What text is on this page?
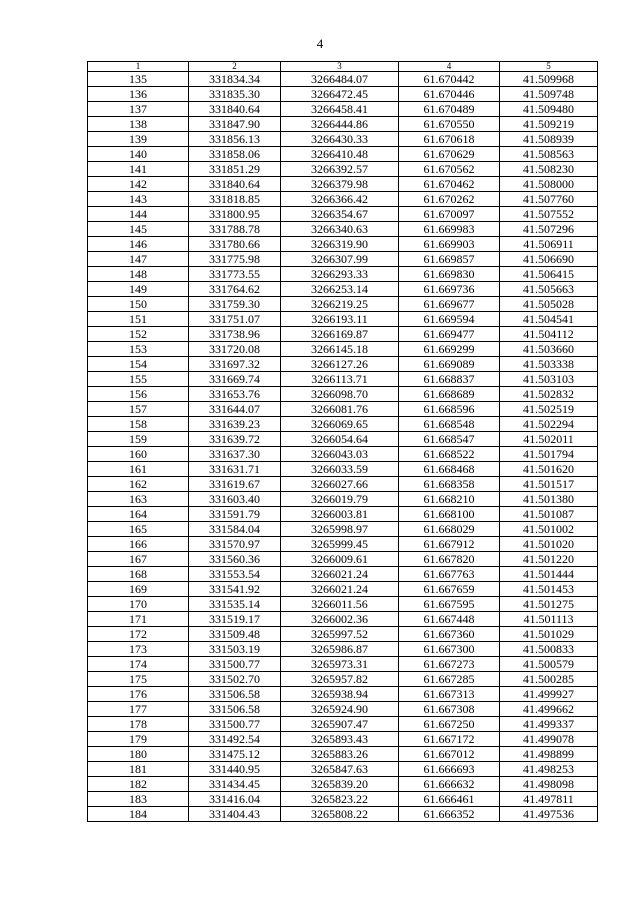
4
1	2	3	4	5
135	331834.34	3266484.07	61.670442	41.509968
136	331835.30	3266472.45	61.670446	41.509748
137	331840.64	3266458.41	61.670489	41.509480
138	331847.90	3266444.86	61.670550	41.509219
139	331856.13	3266430.33	61.670618	41.508939
140	331858.06	3266410.48	61.670629	41.508563
141	331851.29	3266392.57	61.670562	41.508230
142	331840.64	3266379.98	61.670462	41.508000
143	331818.85	3266366.42	61.670262	41.507760
144	331800.95	3266354.67	61.670097	41.507552
145	331788.78	3266340.63	61.669983	41.507296
146	331780.66	3266319.90	61.669903	41.506911
147	331775.98	3266307.99	61.669857	41.506690
148	331773.55	3266293.33	61.669830	41.506415
149	331764.62	3266253.14	61.669736	41.505663
150	331759.30	3266219.25	61.669677	41.505028
151	331751.07	3266193.11	61.669594	41.504541
152	331738.96	3266169.87	61.669477	41.504112
153	331720.08	3266145.18	61.669299	41.503660
154	331697.32	3266127.26	61.669089	41.503338
155	331669.74	3266113.71	61.668837	41.503103
156	331653.76	3266098.70	61.668689	41.502832
157	331644.07	3266081.76	61.668596	41.502519
158	331639.23	3266069.65	61.668548	41.502294
159	331639.72	3266054.64	61.668547	41.502011
160	331637.30	3266043.03	61.668522	41.501794
161	331631.71	3266033.59	61.668468	41.501620
162	331619.67	3266027.66	61.668358	41.501517
163	331603.40	3266019.79	61.668210	41.501380
164	331591.79	3266003.81	61.668100	41.501087
165	331584.04	3265998.97	61.668029	41.501002
166	331570.97	3265999.45	61.667912	41.501020
167	331560.36	3266009.61	61.667820	41.501220
168	331553.54	3266021.24	61.667763	41.501444
169	331541.92	3266021.24	61.667659	41.501453
170	331535.14	3266011.56	61.667595	41.501275
171	331519.17	3266002.36	61.667448	41.501113
172	331509.48	3265997.52	61.667360	41.501029
173	331503.19	3265986.87	61.667300	41.500833
174	331500.77	3265973.31	61.667273	41.500579
175	331502.70	3265957.82	61.667285	41.500285
176	331506.58	3265938.94	61.667313	41.499927
177	331506.58	3265924.90	61.667308	41.499662
178	331500.77	3265907.47	61.667250	41.499337
179	331492.54	3265893.43	61.667172	41.499078
180	331475.12	3265883.26	61.667012	41.498899
181	331440.95	3265847.63	61.666693	41.498253
182	331434.45	3265839.20	61.666632	41.498098
183	331416.04	3265823.22	61.666461	41.497811
184	331404.43	3265808.22	61.666352	41.497536
